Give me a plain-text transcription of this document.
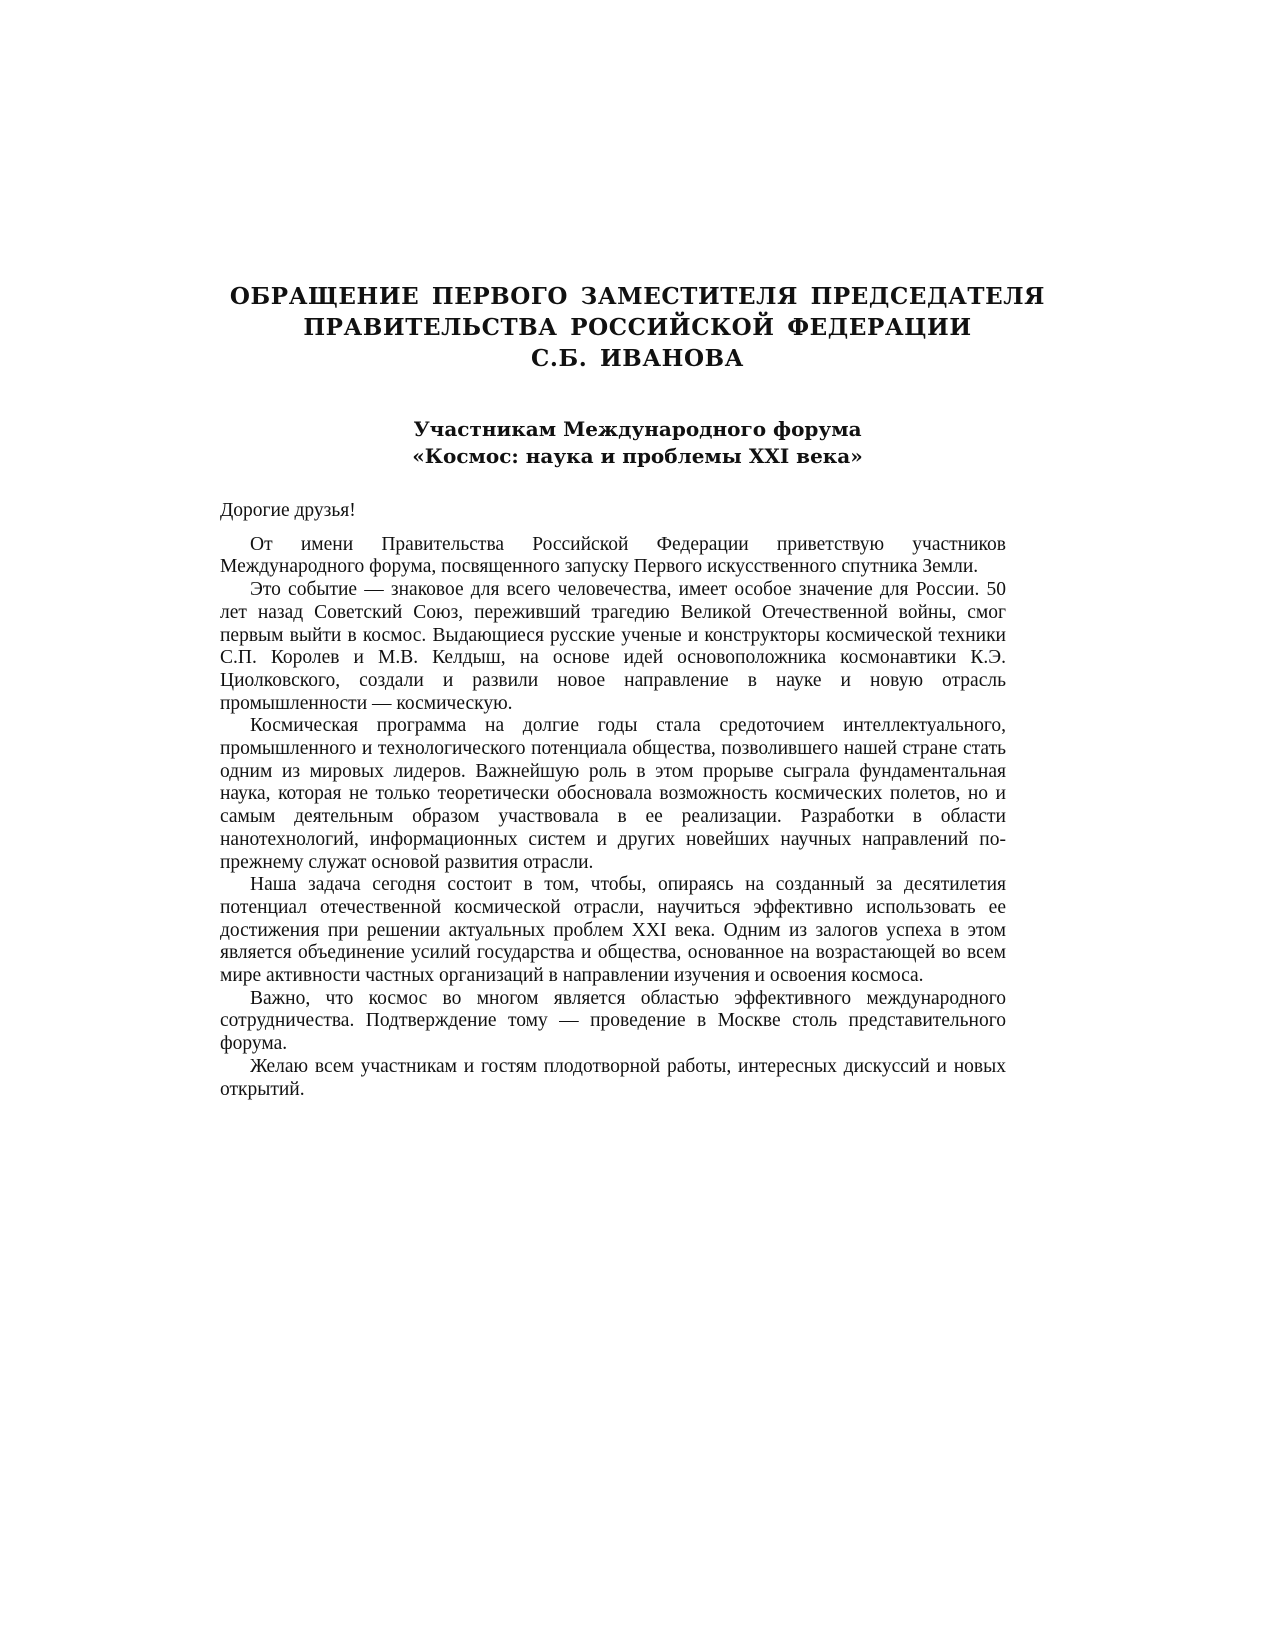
ОБРАЩЕНИЕ ПЕРВОГО ЗАМЕСТИТЕЛЯ ПРЕДСЕДАТЕЛЯ
ПРАВИТЕЛЬСТВА РОССИЙСКОЙ ФЕДЕРАЦИИ
С.Б. ИВАНОВА
Участникам Международного форума
«Космос: наука и проблемы XXI века»

Дорогие друзья!

От имени Правительства Российской Федерации приветствую участников Международного форума, посвященного запуску Первого искусственного спутника Земли.

Это событие — знаковое для всего человечества, имеет особое значение для России. 50 лет назад Советский Союз, переживший трагедию Великой Отечественной войны, смог первым выйти в космос. Выдающиеся русские ученые и конструкторы космической техники С.П. Королев и М.В. Келдыш, на основе идей основоположника космонавтики К.Э. Циолковского, создали и развили новое направление в науке и новую отрасль промышленности — космическую.

Космическая программа на долгие годы стала средоточием интеллектуального, промышленного и технологического потенциала общества, позволившего нашей стране стать одним из мировых лидеров. Важнейшую роль в этом прорыве сыграла фундаментальная наука, которая не только теоретически обосновала возможность космических полетов, но и самым деятельным образом участвовала в ее реализации. Разработки в области нанотехнологий, информационных систем и других новейших научных направлений по-прежнему служат основой развития отрасли.

Наша задача сегодня состоит в том, чтобы, опираясь на созданный за десятилетия потенциал отечественной космической отрасли, научиться эффективно использовать ее достижения при решении актуальных проблем XXI века. Одним из залогов успеха в этом является объединение усилий государства и общества, основанное на возрастающей во всем мире активности частных организаций в направлении изучения и освоения космоса.

Важно, что космос во многом является областью эффективного международного сотрудничества. Подтверждение тому — проведение в Москве столь представительного форума.

Желаю всем участникам и гостям плодотворной работы, интересных дискуссий и новых открытий.
